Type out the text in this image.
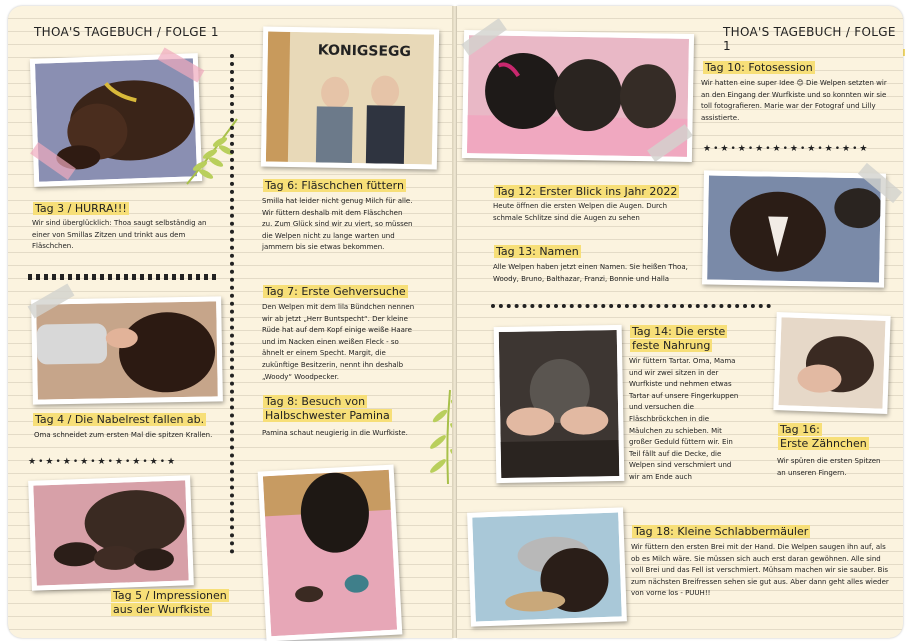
THOA'S TAGEBUCH / FOLGE 1
Tag 3 / HURRA!!!
Wir sind überglücklich: Thoa saugt selbständig an einer von Smillas Zitzen und trinkt aus dem Fläschchen.
Tag 4 / Die Nabelrest fallen ab.
Oma schneidet zum ersten Mal die spitzen Krallen.
★•★•★•★•★•★•★•★•★
Tag 5 / Impressionen
aus der Wurfkiste
KONIGSEGG
Tag 6: Fläschchen füttern
Smilla hat leider nicht genug Milch für alle. Wir füttern deshalb mit dem Fläschchen zu. Zum Glück sind wir zu viert, so müssen die Welpen nicht zu lange warten und jammern bis sie etwas bekommen.
Tag 7: Erste Gehversuche
Den Welpen mit dem lila Bündchen nennen wir ab jetzt „Herr Buntspecht“. Der kleine Rüde hat auf dem Kopf einige weiße Haare und im Nacken einen weißen Fleck - so ähnelt er einem Specht. Margit, die zukünftige Besitzerin, nennt ihn deshalb „Woody“ Woodpecker.
Tag 8: Besuch von
Halbschwester Pamina
Pamina schaut neugierig in die Wurfkiste.
THOA'S TAGEBUCH / FOLGE 1
Tag 10: Fotosession
Wir hatten eine super Idee 😊 Die Welpen setzten wir an den Eingang der Wurfkiste und so konnten wir sie toll fotografieren. Marie war der Fotograf und Lilly assistierte.
★•★•★•★•★•★•★•★•★•★
Tag 12: Erster Blick ins Jahr 2022
Heute öffnen die ersten Welpen die Augen. Durch schmale Schlitze sind die Augen zu sehen
Tag 13: Namen
Alle Welpen haben jetzt einen Namen. Sie heißen Thoa, Woody, Bruno, Balthazar, Franzi, Bonnie und Halla
Tag 14: Die erste
feste Nahrung
Wir füttern Tartar. Oma, Mama und wir zwei sitzen in der Wurfkiste und nehmen etwas Tartar auf unsere Fingerkuppen und versuchen die Fläschbröckchen in die Mäulchen zu schieben. Mit großer Geduld füttern wir. Ein Teil fällt auf die Decke, die Welpen sind verschmiert und wir am Ende auch
Tag 16:
Erste Zähnchen
Wir spüren die ersten Spitzen an unseren Fingern.
Tag 18: Kleine Schlabbermäuler
Wir füttern den ersten Brei mit der Hand. Die Welpen saugen ihn auf, als ob es Milch wäre. Sie müssen sich auch erst daran gewöhnen. Alle sind voll Brei und das Fell ist verschmiert. Mühsam machen wir sie sauber. Bis zum nächsten Breifressen sehen sie gut aus. Aber dann geht alles wieder von vorne los - PUUH!!
